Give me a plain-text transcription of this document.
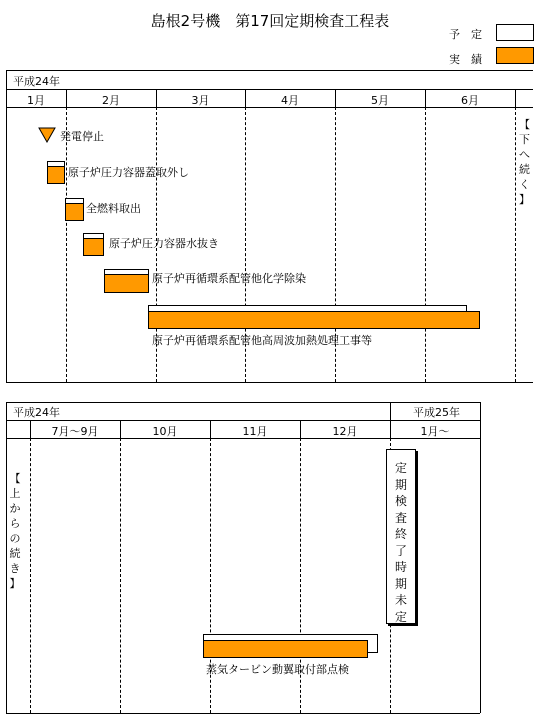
島根2号機　第17回定期検査工程表
予　定
実　績
平成24年
1月	2月	3月	4月	5月	6月
【
下
へ
続
く
】
発電停止
原子炉圧力容器蓋取外し
全燃料取出
原子炉圧力容器水抜き
原子炉再循環系配管他化学除染
原子炉再循環系配管他高周波加熱処理工事等
平成24年	平成25年
7月～9月	10月	11月	12月	1月～
【
上
か
ら
の
続
き
】
定
期
検
査
終
了
時
期
未
定
蒸気タービン動翼取付部点検
